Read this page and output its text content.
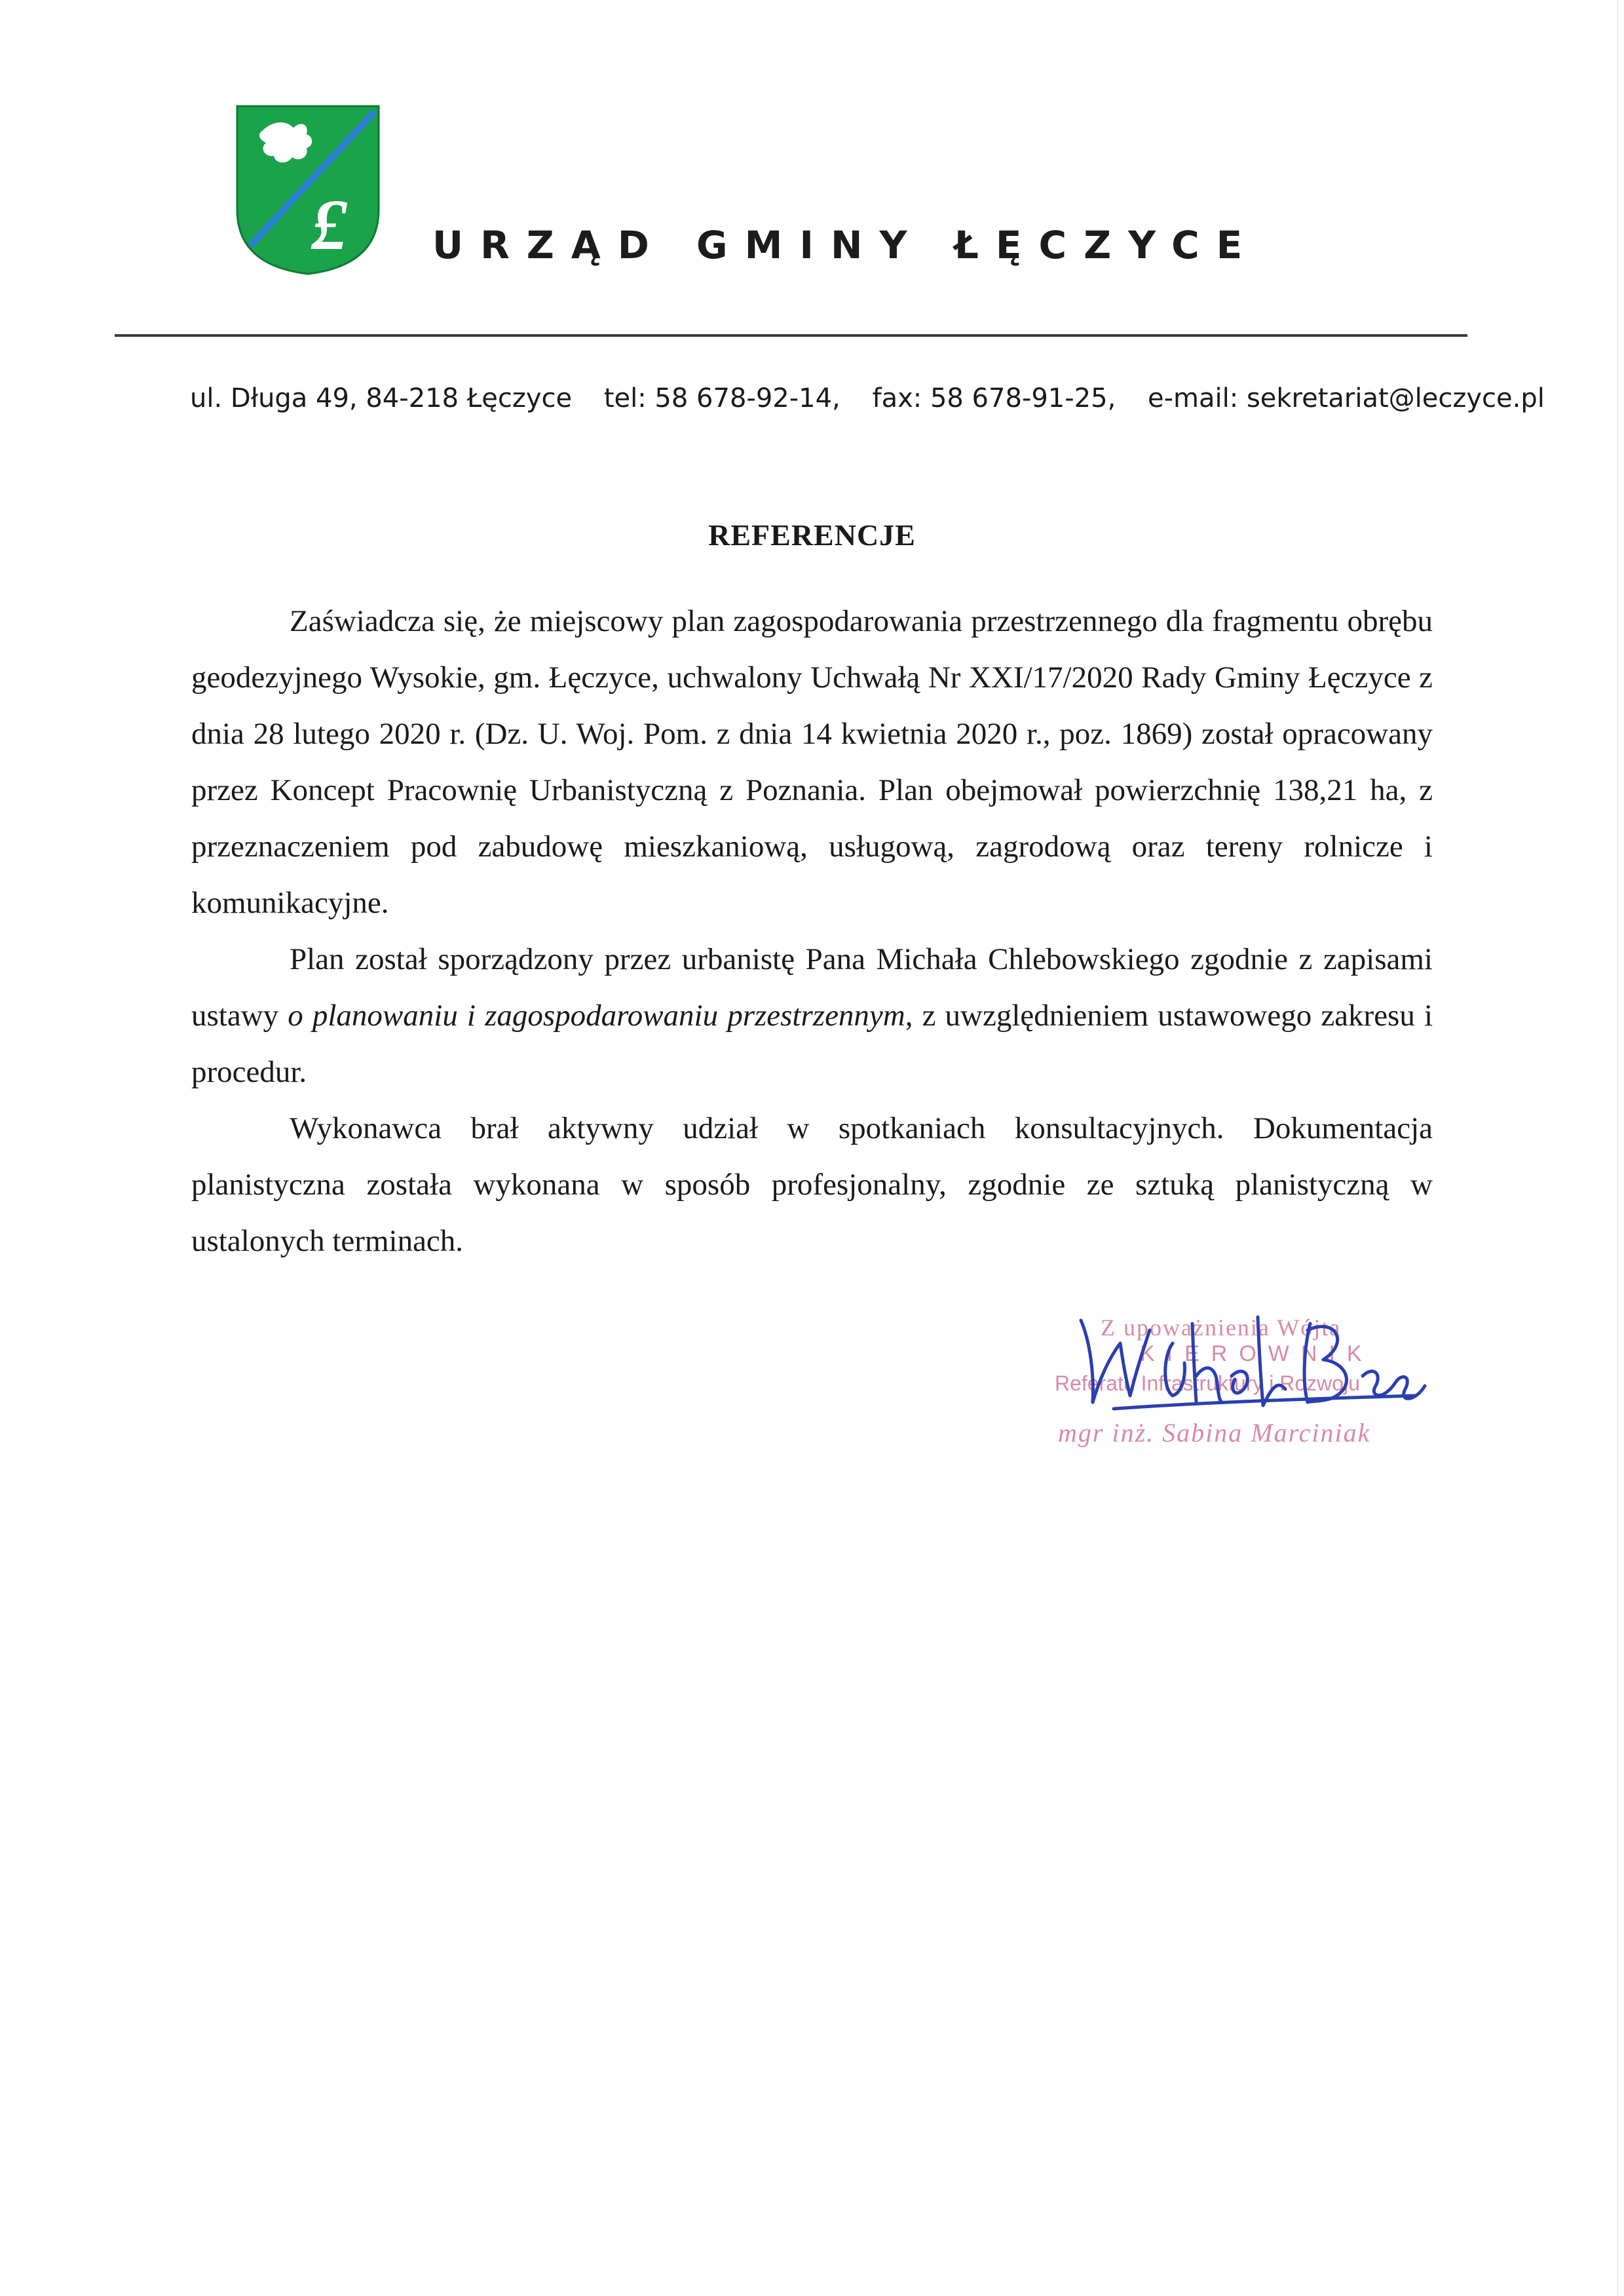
£ URZĄD GMINY ŁĘCZYCE
ul. Długa 49, 84-218 Łęczyce tel: 58 678-92-14, fax: 58 678-91-25, e-mail: sekretariat@leczyce.pl
REFERENCJE

Zaświadcza się, że miejscowy plan zagospodarowania przestrzennego dla fragmentu obrębu geodezyjnego Wysokie, gm. Łęczyce, uchwalony Uchwałą Nr XXI/17/2020 Rady Gminy Łęczyce z dnia 28 lutego 2020 r. (Dz. U. Woj. Pom. z dnia 14 kwietnia 2020 r., poz. 1869) został opracowany przez Koncept Pracownię Urbanistyczną z Poznania. Plan obejmował powierzchnię 138,21 ha, z przeznaczeniem pod zabudowę mieszkaniową, usługową, zagrodową oraz tereny rolnicze i komunikacyjne.

Plan został sporządzony przez urbanistę Pana Michała Chlebowskiego zgodnie z zapisami ustawy o planowaniu i zagospodarowaniu przestrzennym, z uwzględnieniem ustawowego zakresu i procedur.

Wykonawca brał aktywny udział w spotkaniach konsultacyjnych. Dokumentacja planistyczna została wykonana w sposób profesjonalny, zgodnie ze sztuką planistyczną w ustalonych terminach.

Z upoważnienia Wójta
KIEROWNIK
Referatu Infrastruktury i Rozwoju
mgr inż. Sabina Marciniak
